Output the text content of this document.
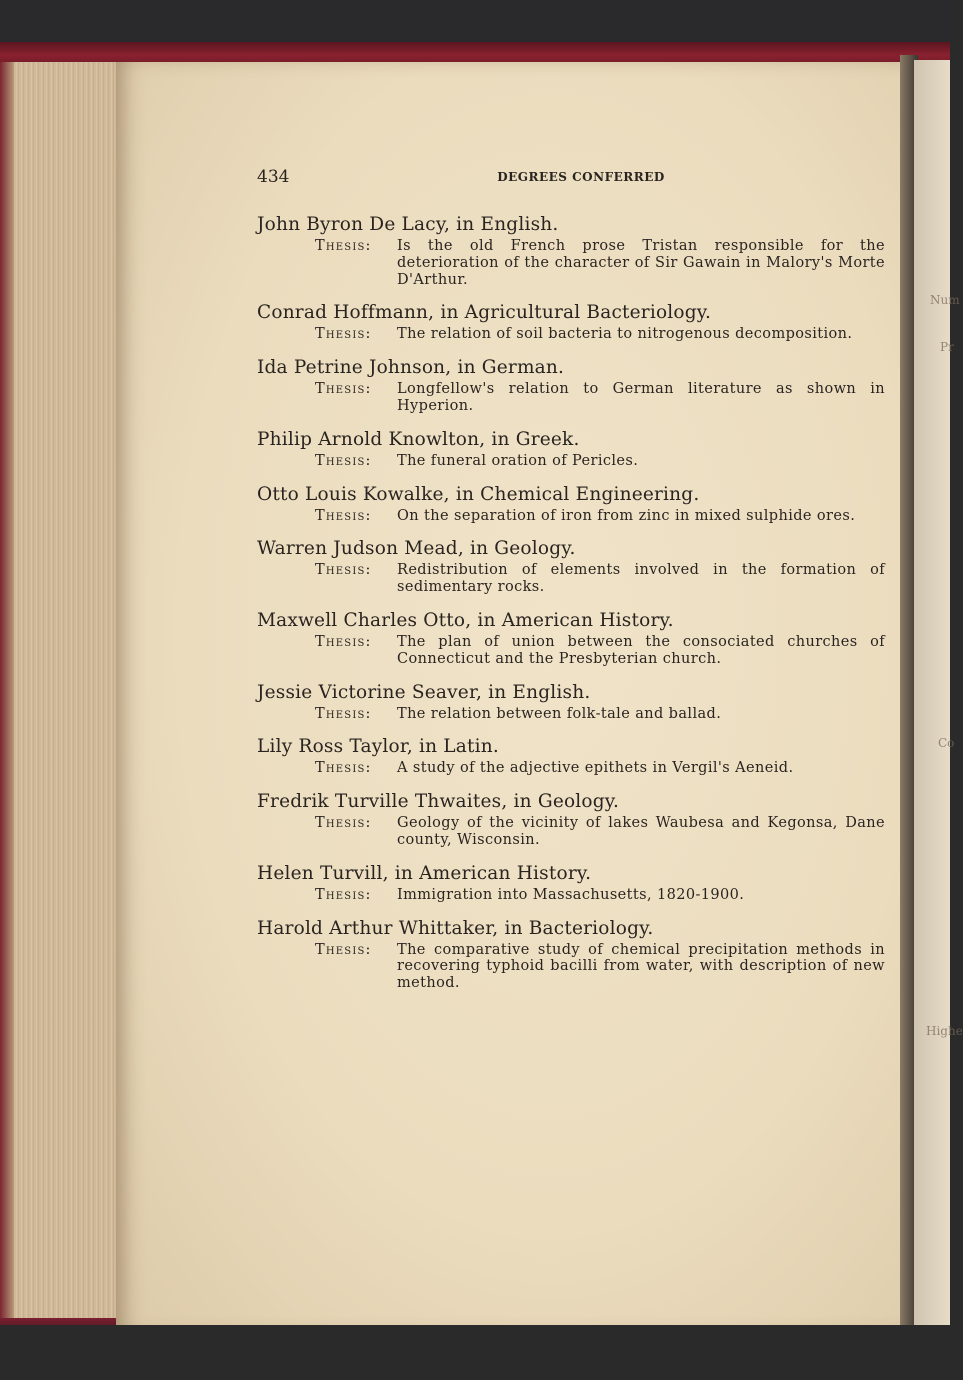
Num
Pr
Co
Highe
434	DEGREES CONFERRED
John Byron De Lacy, in English.
Thesis:	Is the old French prose Tristan responsible for the deterioration of the character of Sir Gawain in Malory's Morte D'Arthur.
Conrad Hoffmann, in Agricultural Bacteriology.
Thesis:	The relation of soil bacteria to nitrogenous decomposition.
Ida Petrine Johnson, in German.
Thesis:	Longfellow's relation to German literature as shown in Hyperion.
Philip Arnold Knowlton, in Greek.
Thesis:	The funeral oration of Pericles.
Otto Louis Kowalke, in Chemical Engineering.
Thesis:	On the separation of iron from zinc in mixed sulphide ores.
Warren Judson Mead, in Geology.
Thesis:	Redistribution of elements involved in the formation of sedimentary rocks.
Maxwell Charles Otto, in American History.
Thesis:	The plan of union between the consociated churches of Connecticut and the Presbyterian church.
Jessie Victorine Seaver, in English.
Thesis:	The relation between folk-tale and ballad.
Lily Ross Taylor, in Latin.
Thesis:	A study of the adjective epithets in Vergil's Aeneid.
Fredrik Turville Thwaites, in Geology.
Thesis:	Geology of the vicinity of lakes Waubesa and Kegonsa, Dane county, Wisconsin.
Helen Turvill, in American History.
Thesis:	Immigration into Massachusetts, 1820-1900.
Harold Arthur Whittaker, in Bacteriology.
Thesis:	The comparative study of chemical precipitation methods in recovering typhoid bacilli from water, with description of new method.
